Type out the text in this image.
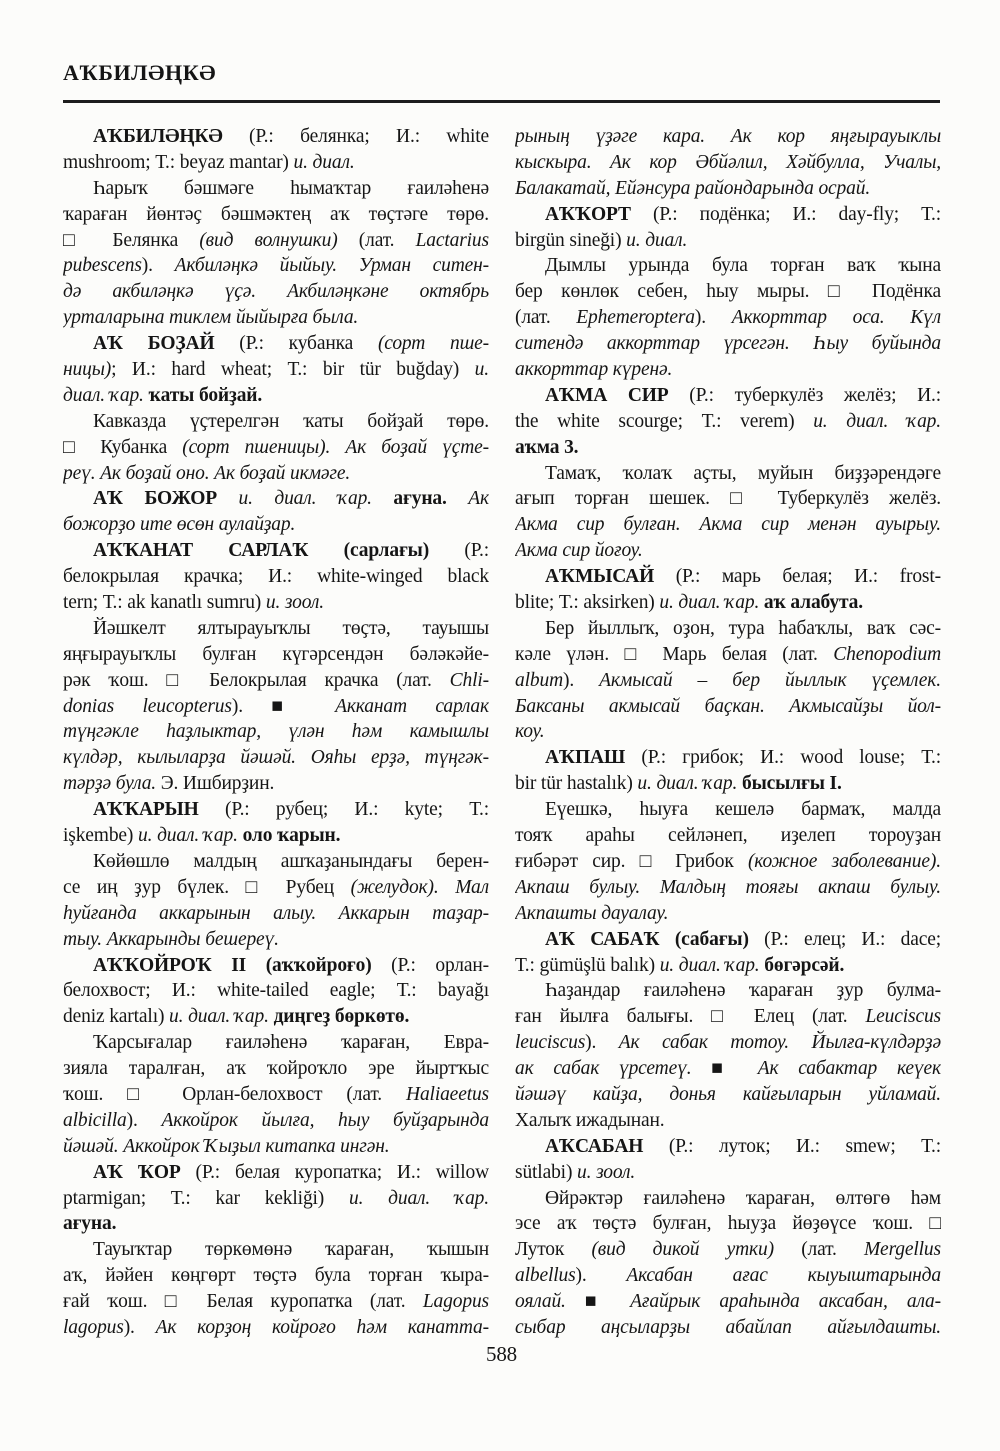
АҠБИЛӘҢКӘ
АҠБИЛӘҢКӘ (Р.: белянка; И.: white
mushroom; Т.: beyaz mantar) и. диал.
Һарыҡ бәшмәге һымаҡтар ғаиләһенә
ҡараған йөнтәҫ бәшмәктең аҡ төҫтәге төрө.
□ Белянка (вид волнушки) (лат. Lactarius
pubescens). Акбиләңкә йыйыу. Урман ситен-
дә акбиләңкә үҫә. Акбиләңкәне октябрь
урталарына тиклем йыйырға была.
АҠ БОҘАЙ (Р.: кубанка (сорт пше-
ницы); И.: hard wheat; Т.: bir tür buğday) и.
диал. ҡар. ҡаты бойҙай.
Кавказда үҫтерелгән ҡаты бойҙай төрө.
□ Кубанка (сорт пшеницы). Ак боҙай үҫте-
реү. Ак боҙай оно. Ак боҙай икмәге.
АҠ БОЖОР и. диал. ҡар. ағуна. Ак
божорҙо ите өсөн аулайҙар.
АҠҠАНАТ САРЛАҠ (сарлағы) (Р.:
белокрылая крачка; И.: white-winged black
tern; Т.: ak kanatlı sumru) и. зоол.
Йәшкелт ялтырауыҡлы төҫтә, тауышы
яңғырауыҡлы булған күгәрсендән бәләкәйе-
рәк ҡош. □ Белокрылая крачка (лат. Chli-
donias leucopterus). ■ Акканат сарлак
түңгәкле һаҙлыктар, үлән һәм камышлы
күлдәр, кылыларҙа йәшәй. Ояһы ерҙә, түңгәк-
тәрҙә була. Э. Ишбирҙин.
АҠҠАРЫН (Р.: рубец; И.: kyte; Т.:
işkembe) и. диал. ҡар. оло ҡарын.
Көйөшлө малдың ашҡаҙанындағы берен-
се иң ҙур бүлек. □ Рубец (желудок). Мал
һуйғанда аккарынын алыу. Аккарын таҙар-
тыу. Аккарынды бешереү.
АҠҠОЙРОҠ II (аҡҡойроғо) (Р.: орлан-
белохвост; И.: white-tailed eagle; Т.: bayağı
deniz kartalı) и. диал. ҡар. диңгеҙ бөркөтө.
Ҡарсығалар ғаиләһенә ҡараған, Евра-
зияла таралған, аҡ ҡойроҡло эре йыртҡыс
ҡош. □ Орлан-белохвост (лат. Haliaeetus
albicilla). Аккойрок йылға, һыу буйҙарында
йәшәй. Аккойрок Ҡыҙыл китапка ингән.
АҠ ҠОР (Р.: белая куропатка; И.: willow
ptarmigan; Т.: kar kekliği) и. диал. ҡар.
ағуна.
Тауыҡтар төркөмөнә ҡараған, ҡышын
аҡ, йәйен көңгөрт төҫтә була торған ҡыра-
ғай ҡош. □ Белая куропатка (лат. Lagopus
lagopus). Ак корҙоң койроғо һәм канатта-
рының үҙәге кара. Ак кор яңғырауыклы
кыскыра. Ак кор Әбйәлил, Хәйбулла, Учалы,
Балакатай, Ейәнсура райондарында осрай.
АҠҠОРТ (Р.: подёнка; И.: day-fly; Т.:
birgün sineği) и. диал.
Дымлы урында була торған ваҡ ҡына
бер көнлөк себен, һыу мыры. □ Подёнка
(лат. Ephemeroptera). Аккорттар оса. Күл
ситендә аккорттар үрсегән. Һыу буйында
аккорттар күренә.
АҠМА СИР (Р.: туберкулёз желёз; И.:
the white scourge; Т.: verem) и. диал. ҡар.
аҡма 3.
Тамаҡ, ҡолаҡ аҫты, муйын биҙҙәрендәге
ағып торған шешек. □ Туберкулёз желёз.
Акма сир булған. Акма сир менән ауырыу.
Акма сир йоғоу.
АҠМЫСАЙ (Р.: марь белая; И.: frost-
blite; Т.: aksirken) и. диал. ҡар. аҡ алабута.
Бер йыллыҡ, оҙон, тура һабаҡлы, ваҡ сәс-
кәле үлән. □ Марь белая (лат. Chenopodium
album). Акмысай – бер йыллык үҫемлек.
Баксаны акмысай баҫкан. Акмысайҙы йол-
коу.
АҠПАШ (Р.: грибок; И.: wood louse; Т.:
bir tür hastalık) и. диал. ҡар. бысылғы I.
Еүешкә, һыуға кешелә бармаҡ, малда
тояҡ араһы сейләнеп, иҙелеп тороуҙан
ғибәрәт сир. □ Грибок (кожное заболевание).
Акпаш булыу. Малдың тояғы акпаш булыу.
Акпашты дауалау.
АҠ САБАҠ (сабағы) (Р.: елец; И.: dace;
Т.: gümüşlü balık) и. диал. ҡар. бөгәрсәй.
Һаҙандар ғаиләһенә ҡараған ҙур булма-
ған йылға балығы. □ Елец (лат. Leuciscus
leuciscus). Ак сабак тотоу. Йылға-күлдәрҙә
ак сабак үрсетеү. ■ Ак сабактар кеүек
йәшәү кайҙа, донья кайғыларын уйламай.
Халыҡ ижадынан.
АҠСАБАН (Р.: луток; И.: smew; Т.:
sütlabi) и. зоол.
Өйрәктәр ғаиләһенә ҡараған, өлтөгө һәм
эсе аҡ төҫтә булған, һыуҙа йөҙөүсе ҡош. □
Луток (вид дикой утки) (лат. Mergellus
albellus). Аксабан ағас кыуыштарында
оялай. ■ Ағайрык араһында аксабан, ала-
сыбар аңсыларҙы абайлап айғылдашты.
588
